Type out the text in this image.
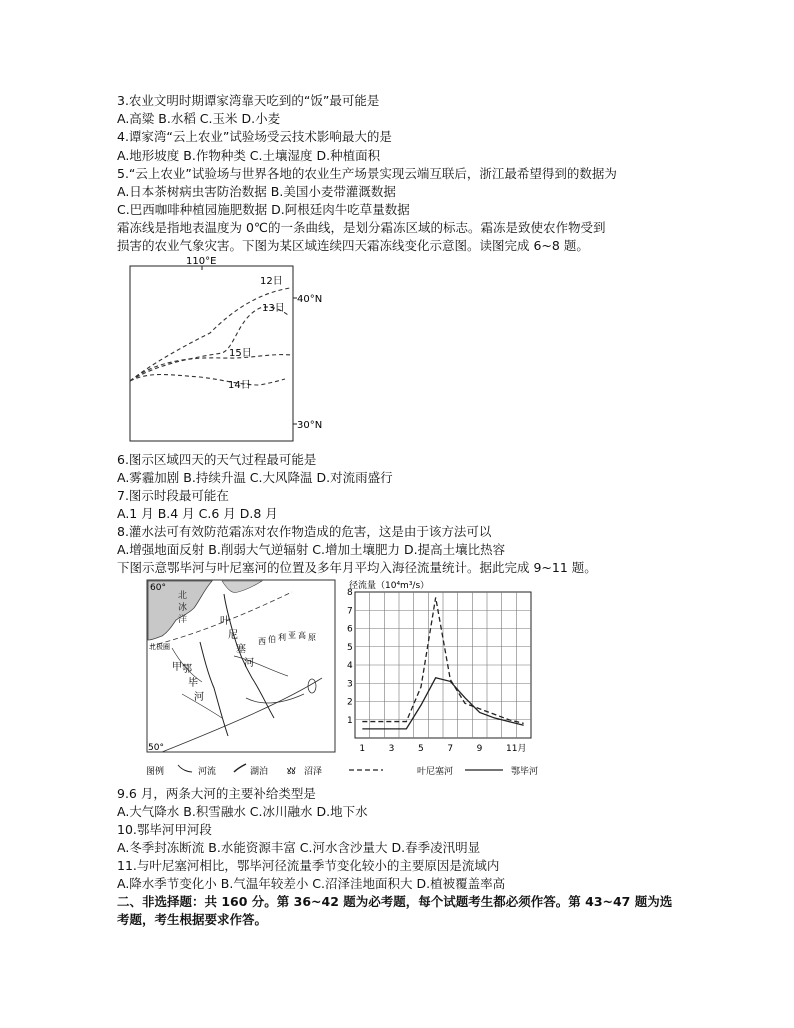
3.农业文明时期谭家湾靠天吃到的“饭”最可能是
A.高粱 B.水稻 C.玉米 D.小麦
4.谭家湾“云上农业”试验场受云技术影响最大的是
A.地形坡度 B.作物种类 C.土壤湿度 D.种植面积
5.“云上农业”试验场与世界各地的农业生产场景实现云端互联后，浙江最希望得到的数据为
A.日本茶树病虫害防治数据 B.美国小麦带灌溉数据
C.巴西咖啡种植园施肥数据 D.阿根廷肉牛吃草量数据
霜冻线是指地表温度为 0℃的一条曲线，是划分霜冻区域的标志。霜冻是致使农作物受到
损害的农业气象灾害。下图为某区域连续四天霜冻线变化示意图。读图完成 6~8 题。
110°E
40°N
30°N
12日
13日
15日
14日
6.图示区域四天的天气过程最可能是
A.雾霾加剧 B.持续升温 C.大风降温 D.对流雨盛行
7.图示时段最可能在
A.1 月 B.4 月 C.6 月 D.8 月
8.灌水法可有效防范霜冻对农作物造成的危害，这是由于该方法可以
A.增强地面反射 B.削弱大气逆辐射 C.增加土壤肥力 D.提高土壤比热容
下图示意鄂毕河与叶尼塞河的位置及多年月平均入海径流量统计。据此完成 9~11 题。
60°
北
冰
洋
北极圈
50°
叶
尼
塞
河
鄂
毕
河
甲
西 伯 利 亚 高 原
图例	河流	湖泊 ꙋꙋ 沼泽
径流量（10⁴m³/s）
1
2
3
4
5
6
7
8
1	3	5	7	9	11月
叶尼塞河	鄂毕河
9.6 月，两条大河的主要补给类型是
A.大气降水 B.积雪融水 C.冰川融水 D.地下水
10.鄂毕河甲河段
A.冬季封冻断流 B.水能资源丰富 C.河水含沙量大 D.春季凌汛明显
11.与叶尼塞河相比，鄂毕河径流量季节变化较小的主要原因是流域内
A.降水季节变化小 B.气温年较差小 C.沼泽洼地面积大 D.植被覆盖率高
二、非选择题：共 160 分。第 36~42 题为必考题，每个试题考生都必须作答。第 43~47 题为选
考题，考生根据要求作答。
